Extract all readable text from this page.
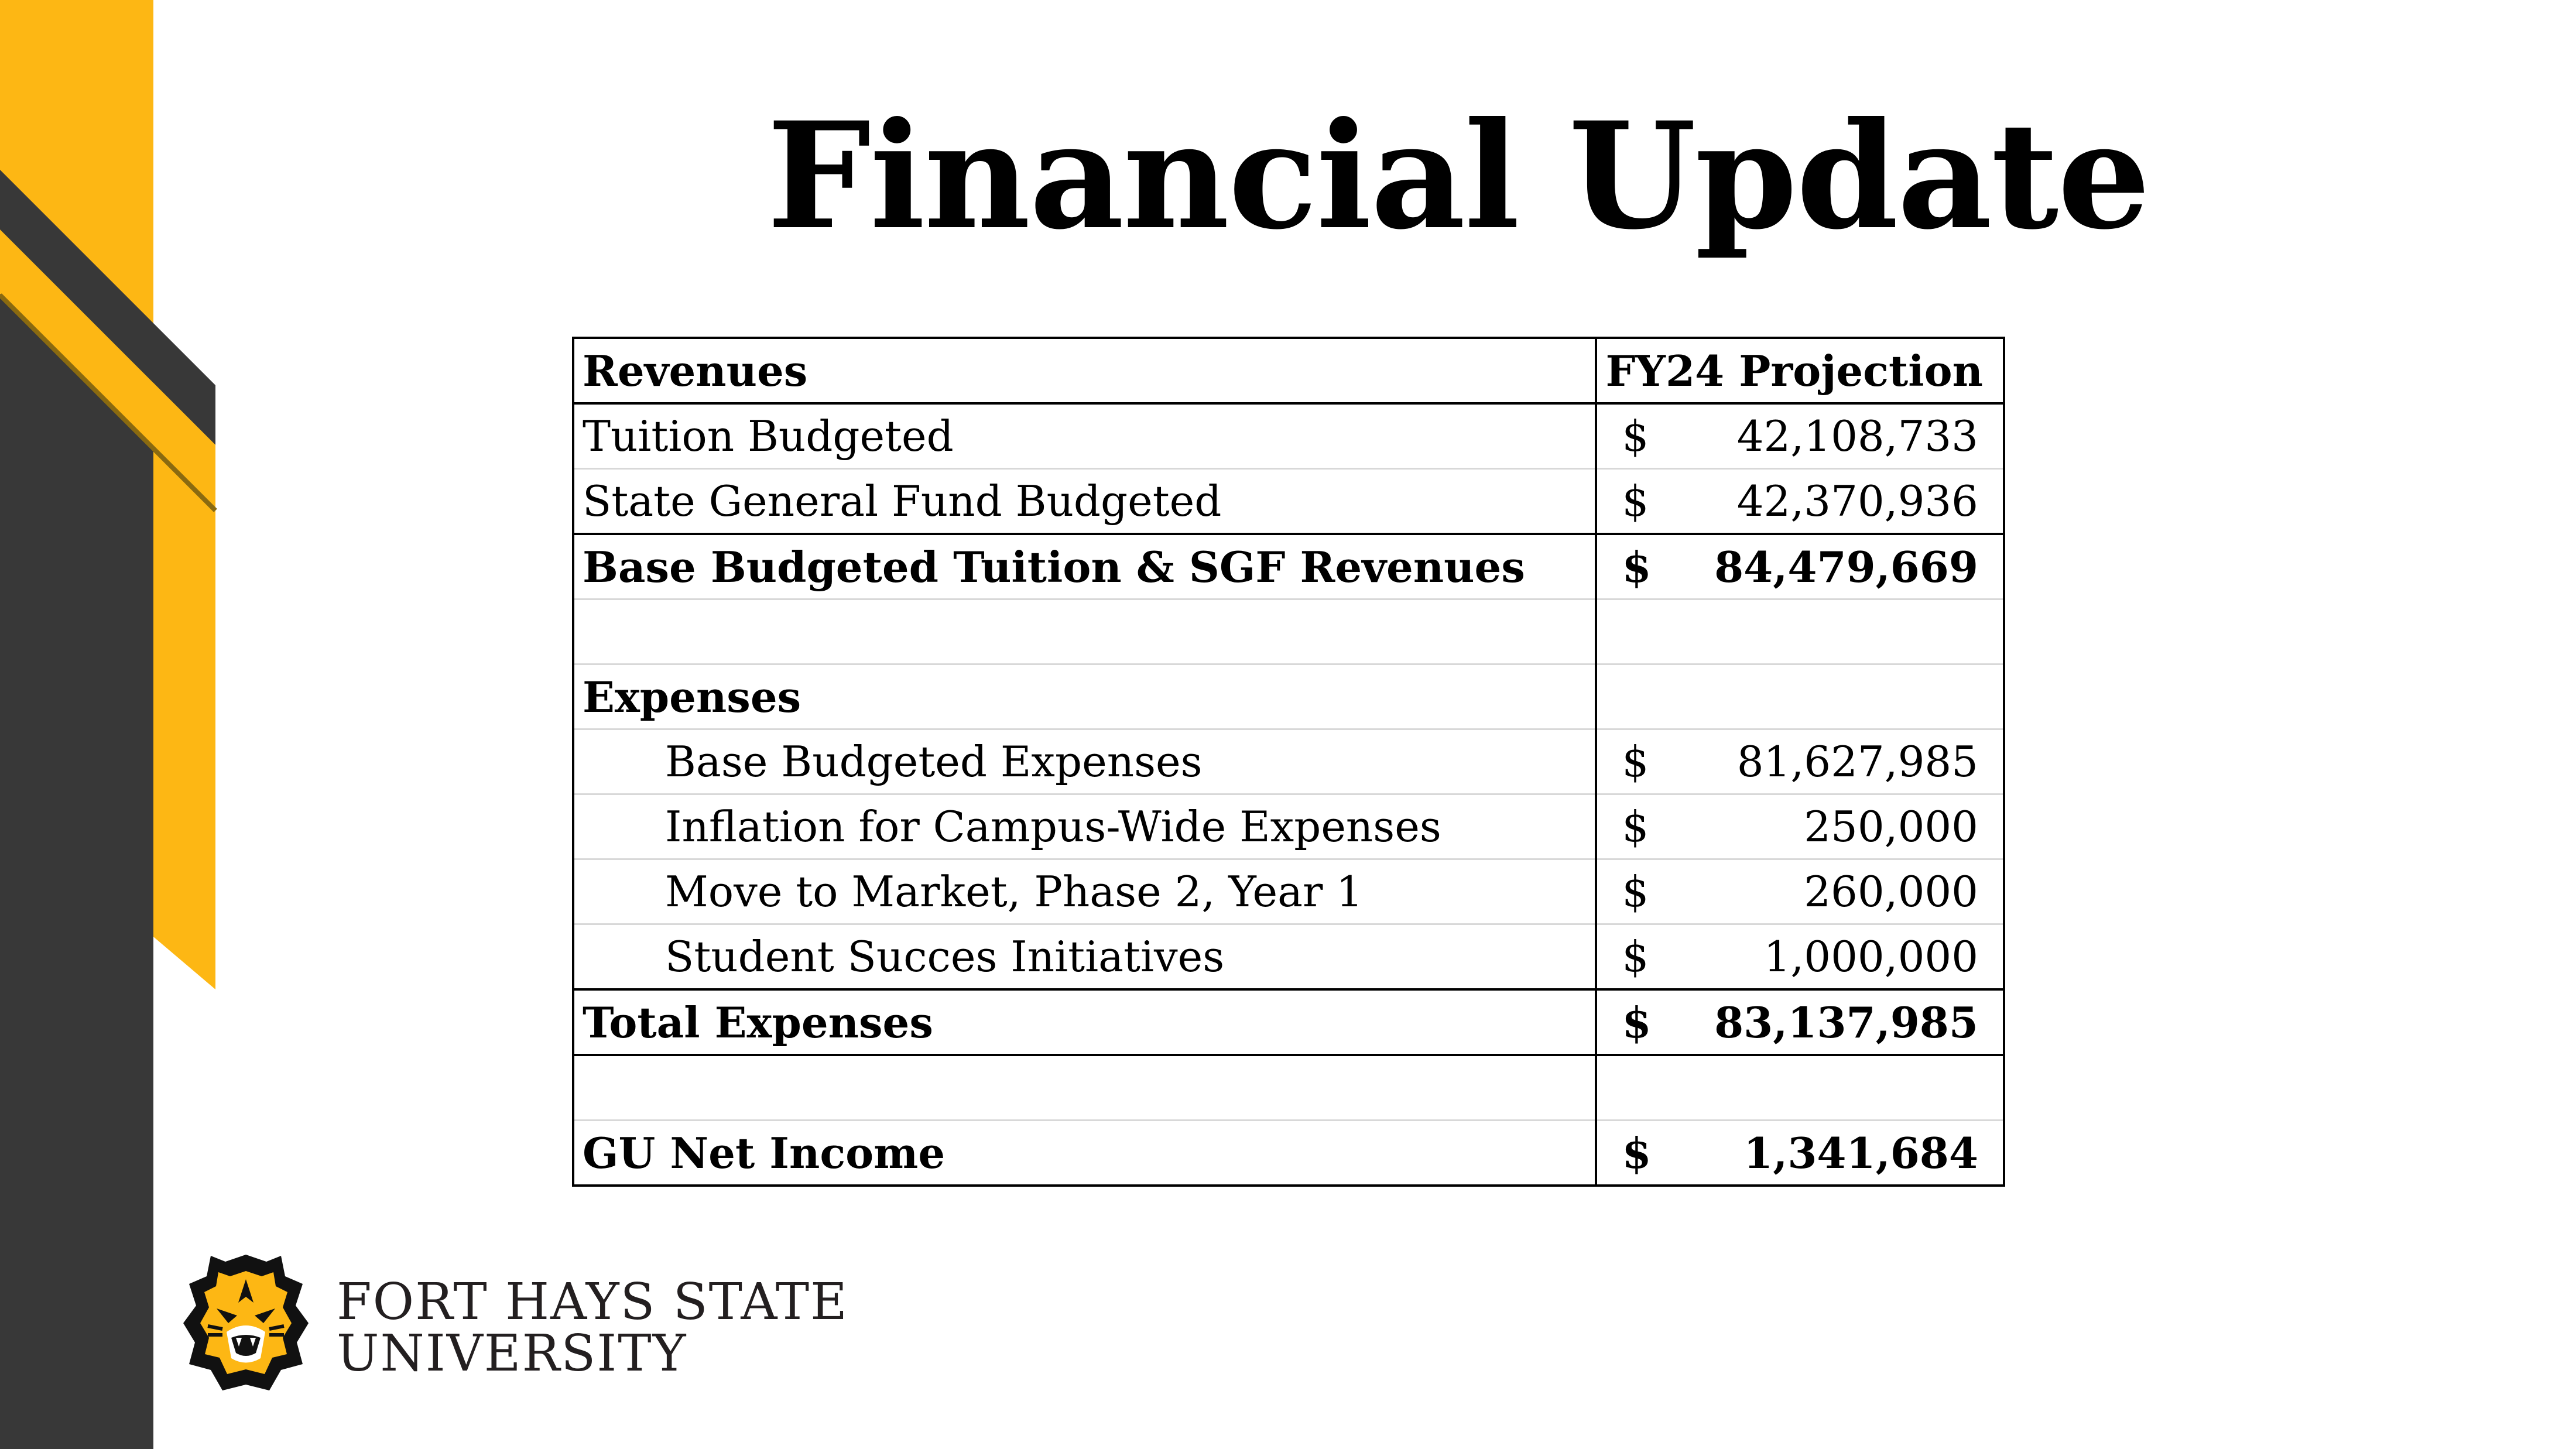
Financial Update
Revenues	FY24 Projection

Tuition Budgeted	$ 42,108,733

State General Fund Budgeted	$ 42,370,936

Base Budgeted Tuition & SGF Revenues	$ 84,479,669

Expenses	

Base Budgeted Expenses	$ 81,627,985

Inflation for Campus-Wide Expenses	$ 250,000

Move to Market, Phase 2, Year 1	$ 260,000

Student Succes Initiatives	$ 1,000,000

Total Expenses	$ 83,137,985

GU Net Income	$ 1,341,684
FORT HAYS STATE
UNIVERSITY
